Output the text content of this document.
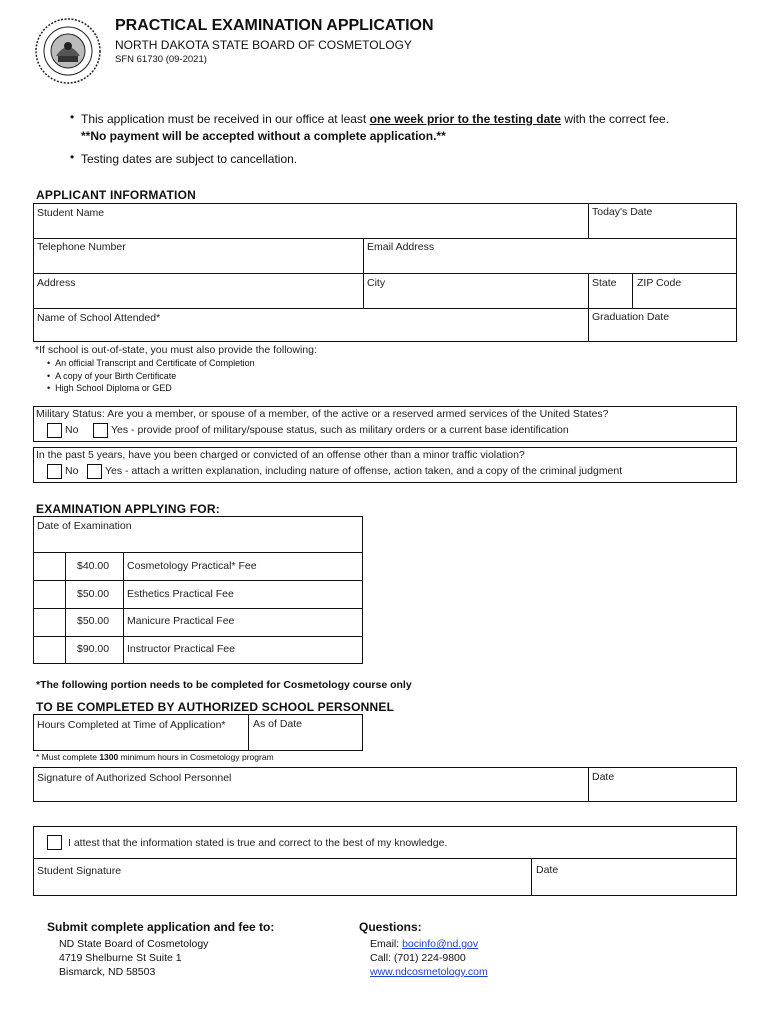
PRACTICAL EXAMINATION APPLICATION
NORTH DAKOTA STATE BOARD OF COSMETOLOGY
SFN 61730 (09-2021)
• This application must be received in our office at least one week prior to the testing date with the correct fee.
**No payment will be accepted without a complete application.**
• Testing dates are subject to cancellation.
APPLICANT INFORMATION
Student Name	Today's Date
Telephone Number	Email Address
Address	City	State ZIP Code
Name of School Attended*	Graduation Date
*If school is out-of-state, you must also provide the following:
•  An official Transcript and Certificate of Completion
•  A copy of your Birth Certificate
•  High School Diploma or GED
Military Status: Are you a member, or spouse of a member, of the active or a reserved armed services of the United States?
No	Yes - provide proof of military/spouse status, such as military orders or a current base identification
In the past 5 years, have you been charged or convicted of an offense other than a minor traffic violation?
No	Yes - attach a written explanation, including nature of offense, action taken, and a copy of the criminal judgment
EXAMINATION APPLYING FOR:
Date of Examination
$40.00 Cosmetology Practical* Fee
$50.00 Esthetics Practical Fee
$50.00 Manicure Practical Fee
$90.00 Instructor Practical Fee
*The following portion needs to be completed for Cosmetology course only
TO BE COMPLETED BY AUTHORIZED SCHOOL PERSONNEL
Hours Completed at Time of Application*	As of Date
* Must complete 1300 minimum hours in Cosmetology program
Signature of Authorized School Personnel	Date
I attest that the information stated is true and correct to the best of my knowledge.
Student Signature	Date
Submit complete application and fee to:
ND State Board of Cosmetology
4719 Shelburne St Suite 1
Bismarck, ND 58503
Questions:
Email: bocinfo@nd.gov
Call: (701) 224-9800
www.ndcosmetology.com
